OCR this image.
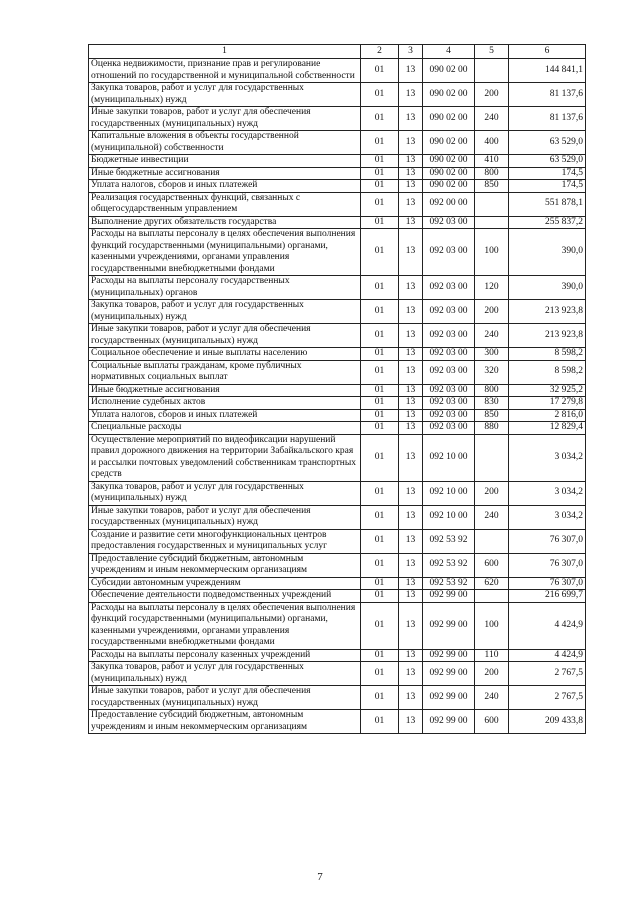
1	2	3	4	5	6
Оценка недвижимости, признание прав и регулирование отношений по государственной и муниципальной собственности	01	13	090 02 00		144 841,1
Закупка товаров, работ и услуг для государственных (муниципальных) нужд	01	13	090 02 00	200	81 137,6
Иные закупки товаров, работ и услуг для обеспечения государственных (муниципальных) нужд	01	13	090 02 00	240	81 137,6
Капитальные вложения в объекты государственной (муниципальной) собственности	01	13	090 02 00	400	63 529,0
Бюджетные инвестиции	01	13	090 02 00	410	63 529,0
Иные бюджетные ассигнования	01	13	090 02 00	800	174,5
Уплата налогов, сборов и иных платежей	01	13	090 02 00	850	174,5
Реализация государственных функций, связанных с общегосударственным управлением	01	13	092 00 00		551 878,1
Выполнение других обязательств государства	01	13	092 03 00		255 837,2
Расходы на выплаты персоналу в целях обеспечения выполнения функций государственными (муниципальными) органами, казенными учреждениями, органами управления государственными внебюджетными фондами	01	13	092 03 00	100	390,0
Расходы на выплаты персоналу государственных (муниципальных) органов	01	13	092 03 00	120	390,0
Закупка товаров, работ и услуг для государственных (муниципальных) нужд	01	13	092 03 00	200	213 923,8
Иные закупки товаров, работ и услуг для обеспечения государственных (муниципальных) нужд	01	13	092 03 00	240	213 923,8
Социальное обеспечение и иные выплаты населению	01	13	092 03 00	300	8 598,2
Социальные выплаты гражданам, кроме публичных нормативных социальных выплат	01	13	092 03 00	320	8 598,2
Иные бюджетные ассигнования	01	13	092 03 00	800	32 925,2
Исполнение судебных актов	01	13	092 03 00	830	17 279,8
Уплата налогов, сборов и иных платежей	01	13	092 03 00	850	2 816,0
Специальные расходы	01	13	092 03 00	880	12 829,4
Осуществление мероприятий по видеофиксации нарушений правил дорожного движения на территории Забайкальского края и рассылки почтовых уведомлений собственникам транспортных средств	01	13	092 10 00		3 034,2
Закупка товаров, работ и услуг для государственных (муниципальных) нужд	01	13	092 10 00	200	3 034,2
Иные закупки товаров, работ и услуг для обеспечения государственных (муниципальных) нужд	01	13	092 10 00	240	3 034,2
Создание и развитие сети многофункциональных центров предоставления государственных и муниципальных услуг	01	13	092 53 92		76 307,0
Предоставление субсидий бюджетным, автономным учреждениям и иным некоммерческим организациям	01	13	092 53 92	600	76 307,0
Субсидии автономным учреждениям	01	13	092 53 92	620	76 307,0
Обеспечение деятельности подведомственных учреждений	01	13	092 99 00		216 699,7
Расходы на выплаты персоналу в целях обеспечения выполнения функций государственными (муниципальными) органами, казенными учреждениями, органами управления государственными внебюджетными фондами	01	13	092 99 00	100	4 424,9
Расходы на выплаты персоналу казенных учреждений	01	13	092 99 00	110	4 424,9
Закупка товаров, работ и услуг для государственных (муниципальных) нужд	01	13	092 99 00	200	2 767,5
Иные закупки товаров, работ и услуг для обеспечения государственных (муниципальных) нужд	01	13	092 99 00	240	2 767,5
Предоставление субсидий бюджетным, автономным учреждениям и иным некоммерческим организациям	01	13	092 99 00	600	209 433,8
7
